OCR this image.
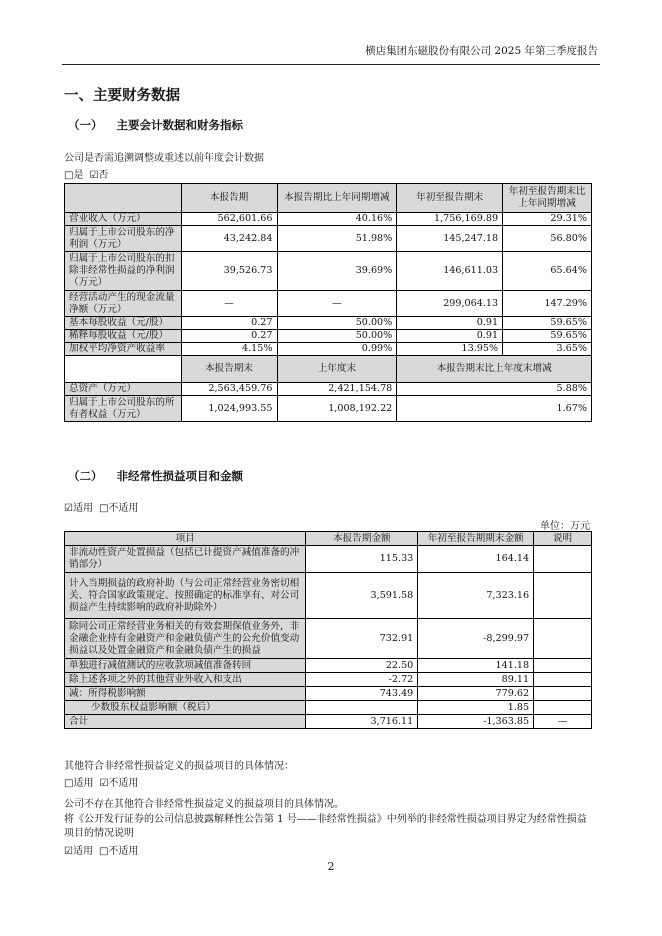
横店集团东磁股份有限公司 2025 年第三季度报告
一、主要财务数据
（一） 主要会计数据和财务指标
公司是否需追溯调整或重述以前年度会计数据
□是 ☑否
	本报告期	本报告期比上年同期增减	年初至报告期末	年初至报告期末比上年同期增减
营业收入（万元）	562,601.66	40.16%	1,756,169.89	29.31%
归属于上市公司股东的净利润（万元）	43,242.84	51.98%	145,247.18	56.80%
归属于上市公司股东的扣除非经常性损益的净利润（万元）	39,526.73	39.69%	146,611.03	65.64%
经营活动产生的现金流量净额（万元）	—	—	299,064.13	147.29%
基本每股收益（元/股）	0.27	50.00%	0.91	59.65%
稀释每股收益（元/股）	0.27	50.00%	0.91	59.65%
加权平均净资产收益率	4.15%	0.99%	13.95%	3.65%
	本报告期末	上年度末	本报告期末比上年度末增减	
总资产（万元）	2,563,459.76	2,421,154.78	5.88%	
归属于上市公司股东的所有者权益（万元）	1,024,993.55	1,008,192.22	1.67%	
（二） 非经常性损益项目和金额
☑适用 □不适用
单位：万元
项目	本报告期金额	年初至报告期期末金额	说明
非流动性资产处置损益（包括已计提资产减值准备的冲销部分）	115.33	164.14	
计入当期损益的政府补助（与公司正常经营业务密切相关、符合国家政策规定、按照确定的标准享有、对公司损益产生持续影响的政府补助除外）	3,591.58	7,323.16	
除同公司正常经营业务相关的有效套期保值业务外，非金融企业持有金融资产和金融负债产生的公允价值变动损益以及处置金融资产和金融负债产生的损益	732.91	-8,299.97	
单独进行减值测试的应收款项减值准备转回	22.50	141.18	
除上述各项之外的其他营业外收入和支出	-2.72	89.11	
减：所得税影响额	743.49	779.62	
少数股东权益影响额（税后）		1.85	
合计	3,716.11	-1,363.85	—
其他符合非经常性损益定义的损益项目的具体情况：
□适用 ☑不适用
公司不存在其他符合非经常性损益定义的损益项目的具体情况。
将《公开发行证券的公司信息披露解释性公告第 1 号——非经常性损益》中列举的非经常性损益项目界定为经常性损益
项目的情况说明
☑适用 □不适用
2
